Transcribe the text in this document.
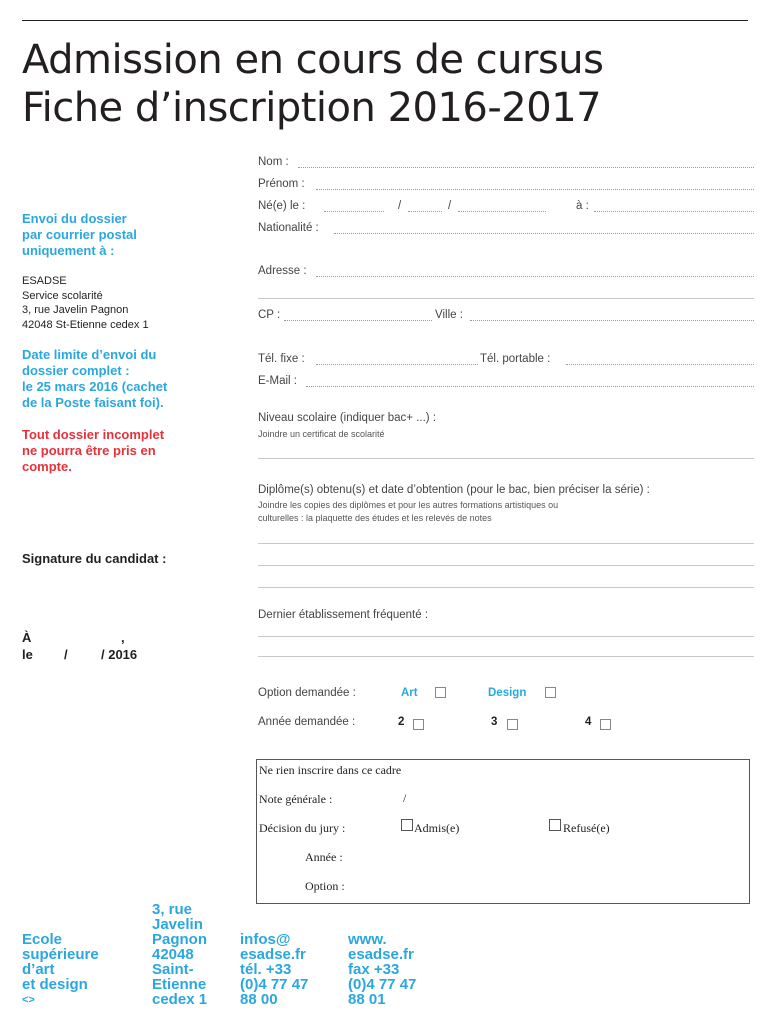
Admission en cours de cursus
Fiche d’inscription 2016-2017
Envoi du dossier
par courrier postal
uniquement à :
ESADSE
Service scolarité
3, rue Javelin Pagnon
42048 St-Etienne cedex 1
Date limite d’envoi du
dossier complet :
le 25 mars 2016 (cachet
de la Poste faisant foi).
Tout dossier incomplet
ne pourra être pris en
compte.
Signature du candidat :
À	,
le /	/ 2016
Nom :
Prénom :
Né(e) le :	/	/	à :
Nationalité :
Adresse :
CP :	Ville :
Tél. fixe :	Tél. portable :
E-Mail :
Niveau scolaire (indiquer bac+ ...) :
Joindre un certificat de scolarité
Diplôme(s) obtenu(s) et date d’obtention (pour le bac, bien préciser la série) :
Joindre les copies des diplômes et pour les autres formations artistiques ou
culturelles : la plaquette des études et les relevés de notes
Dernier établissement fréquenté :
Option demandée :	Art	Design
Année demandée :	2	3	4
Ne rien inscrire dans ce cadre
Note générale :	/
Décision du jury :	Admis(e)	Refusé(e)
Année :
Option :
Ecole
supérieure
d’art
et design
<>
3, rue
Javelin
Pagnon
42048
Saint-
Etienne
cedex 1
infos@
esadse.fr
tél. +33
(0)4 77 47
88 00
www.
esadse.fr
fax +33
(0)4 77 47
88 01
